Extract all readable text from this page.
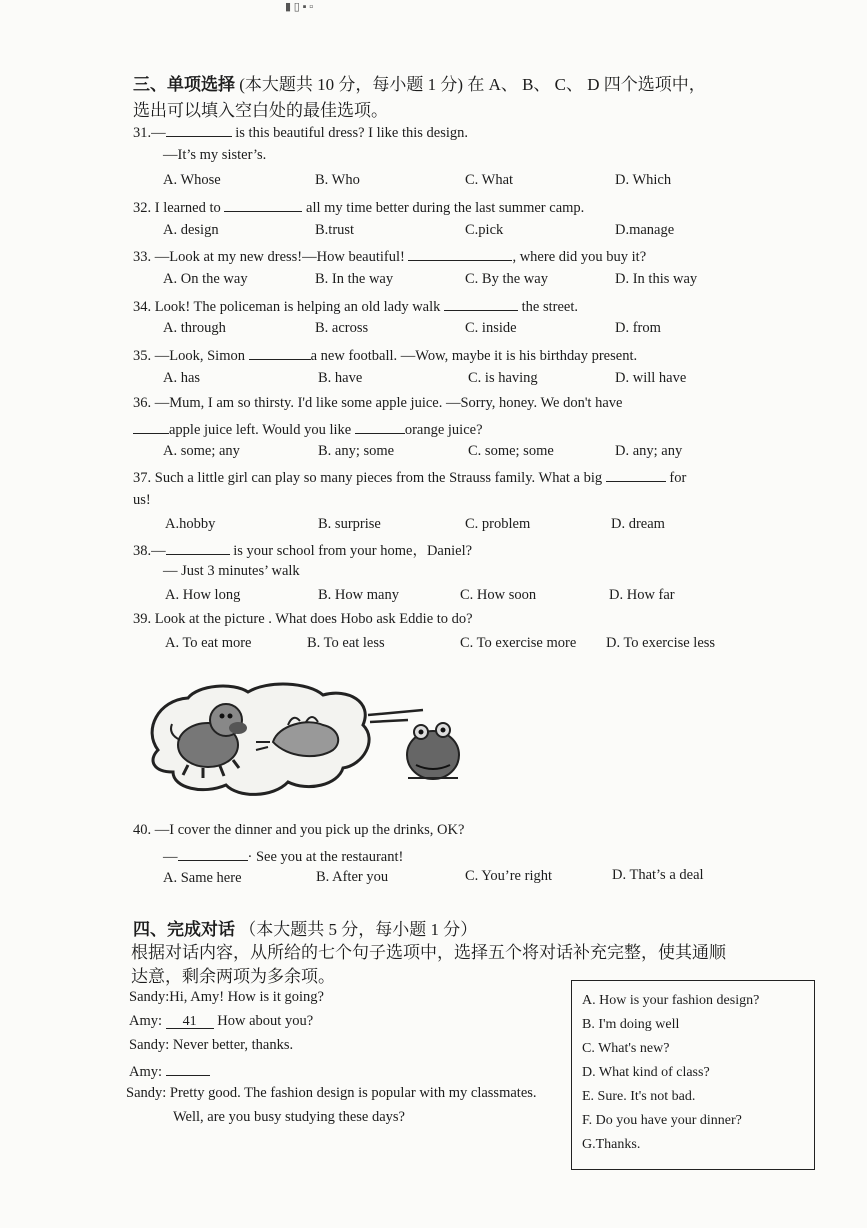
▮ ▯ ▪ ▫
三、单项选择 (本大题共 10 分，每小题 1 分) 在 A、 B、 C、 D 四个选项中，
选出可以填入空白处的最佳选项。
31.—	is this beautiful dress? I like this design.
—It’s my sister’s.
A. Whose	B. Who	C. What	D. Which
32. I learned to	all my time better during the last summer camp.
A. design	B.trust	C.pick	D.manage
33. —Look at my new dress!—How beautiful!	, where did you buy it?
A. On the way	B. In the way	C. By the way	D. In this way
34. Look! The policeman is helping an old lady walk	the street.
A. through	B. across	C. inside	D. from
35. —Look, Simon	a new football. —Wow, maybe it is his birthday present.
A. has	B. have	C. is having	D. will have
36. —Mum, I am so thirsty. I'd like some apple juice. —Sorry, honey. We don't have
apple juice left. Would you like	orange juice?
A. some; any	B. any; some	C. some; some	D. any; any
37. Such a little girl can play so many pieces from the Strauss family. What a big	for
us!
A.hobby	B. surprise	C. problem	D. dream
38.—	is your school from your home，Daniel?
— Just 3 minutes’ walk
A. How long	B. How many	C. How soon	D. How far
39. Look at the picture . What does Hobo ask Eddie to do?
A. To eat more	B. To eat less	C. To exercise more D. To exercise less
40. —I cover the dinner and you pick up the drinks, OK?
—	· See you at the restaurant!
A. Same here	B. After you	C. You’re right	D. That’s a deal
四、完成对话 （本大题共 5 分，每小题 1 分）
根据对话内容，从所给的七个句子选项中，选择五个将对话补充完整，使其通顺
达意，剩余两项为多余项。
Sandy:Hi, Amy! How is it going?
Amy: 41 How about you?
Sandy: Never better, thanks.
Amy:
Sandy: Pretty good. The fashion design is popular with my classmates.
Well, are you busy studying these days?
A. How is your fashion design?
B. I'm doing well
C. What's new?
D. What kind of class?
E. Sure. It's not bad.
F. Do you have your dinner?
G.Thanks.
